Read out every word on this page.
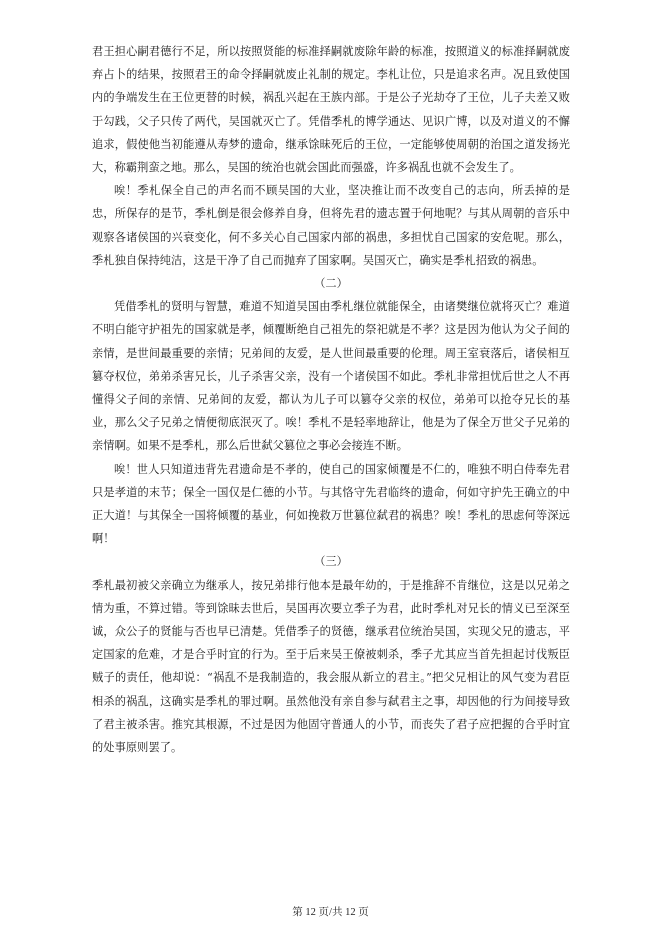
君王担心嗣君德行不足，所以按照贤能的标准择嗣就废除年龄的标准，按照道义的标准择嗣就废弃占卜的结果，按照君王的命令择嗣就废止礼制的规定。李札让位，只是追求名声。况且致使国内的争端发生在王位更替的时候，祸乱兴起在王族内部。于是公子光劫夺了王位，儿子夫差又败于勾践，父子只传了两代，吴国就灭亡了。凭借季札的博学通达、见识广博，以及对道义的不懈追求，假使他当初能遵从寿梦的遗命，继承馀昧死后的王位，一定能够使周朝的治国之道发扬光大，称霸荆蛮之地。那么，吴国的统治也就会国此而强盛，许多祸乱也就不会发生了。

唉！季札保全自己的声名而不顾吴国的大业，坚决推让而不改变自己的志向，所丢掉的是忠，所保存的是节，季札倒是很会修养自身，但将先君的遗志置于何地呢？与其从周朝的音乐中观察各诸侯国的兴衰变化，何不多关心自己国家内部的祸患，多担忧自己国家的安危呢。那么，季札独自保持纯洁，这是干净了自己而抛弃了国家啊。吴国灭亡，确实是季札招致的祸患。

（二）

凭借季札的贤明与智慧，难道不知道吴国由季札继位就能保全，由诸樊继位就将灭亡？难道不明白能守护祖先的国家就是孝，倾覆断绝自己祖先的祭祀就是不孝？这是因为他认为父子间的亲情，是世间最重要的亲情；兄弟间的友爱，是人世间最重要的伦理。周王室衰落后，诸侯相互篡夺权位，弟弟杀害兄长，儿子杀害父亲，没有一个诸侯国不如此。季札非常担忧后世之人不再懂得父子间的亲情、兄弟间的友爱，都认为儿子可以篡夺父亲的权位，弟弟可以抢夺兄长的基业，那么父子兄弟之情便彻底泯灭了。唉！季札不是轻率地辞让，他是为了保全万世父子兄弟的亲情啊。如果不是季札，那么后世弑父篡位之事必会接连不断。

唉！世人只知道违背先君遗命是不孝的，使自己的国家倾覆是不仁的，唯独不明白侍奉先君只是孝道的末节；保全一国仅是仁德的小节。与其恪守先君临终的遗命，何如守护先王确立的中正大道！与其保全一国将倾覆的基业，何如挽救万世篡位弑君的祸患？唉！季札的思虑何等深远啊！

（三）

季札最初被父亲确立为继承人，按兄弟排行他本是最年幼的，于是推辞不肯继位，这是以兄弟之情为重，不算过错。等到馀昧去世后，吴国再次要立季子为君，此时季札对兄长的情义已至深至诚，众公子的贤能与否也早已清楚。凭借季子的贤德，继承君位统治吴国，实现父兄的遗志，平定国家的危难，才是合乎时宜的行为。至于后来吴王僚被刺杀，季子尤其应当首先担起讨伐叛臣贼子的责任，他却说：“祸乱不是我制造的，我会服从新立的君主。”把父兄相让的风气变为君臣相杀的祸乱，这确实是季札的罪过啊。虽然他没有亲自参与弑君主之事，却因他的行为间接导致了君主被杀害。推究其根源，不过是因为他固守普通人的小节，而丧失了君子应把握的合乎时宜的处事原则罢了。

第 12 页/共 12 页
